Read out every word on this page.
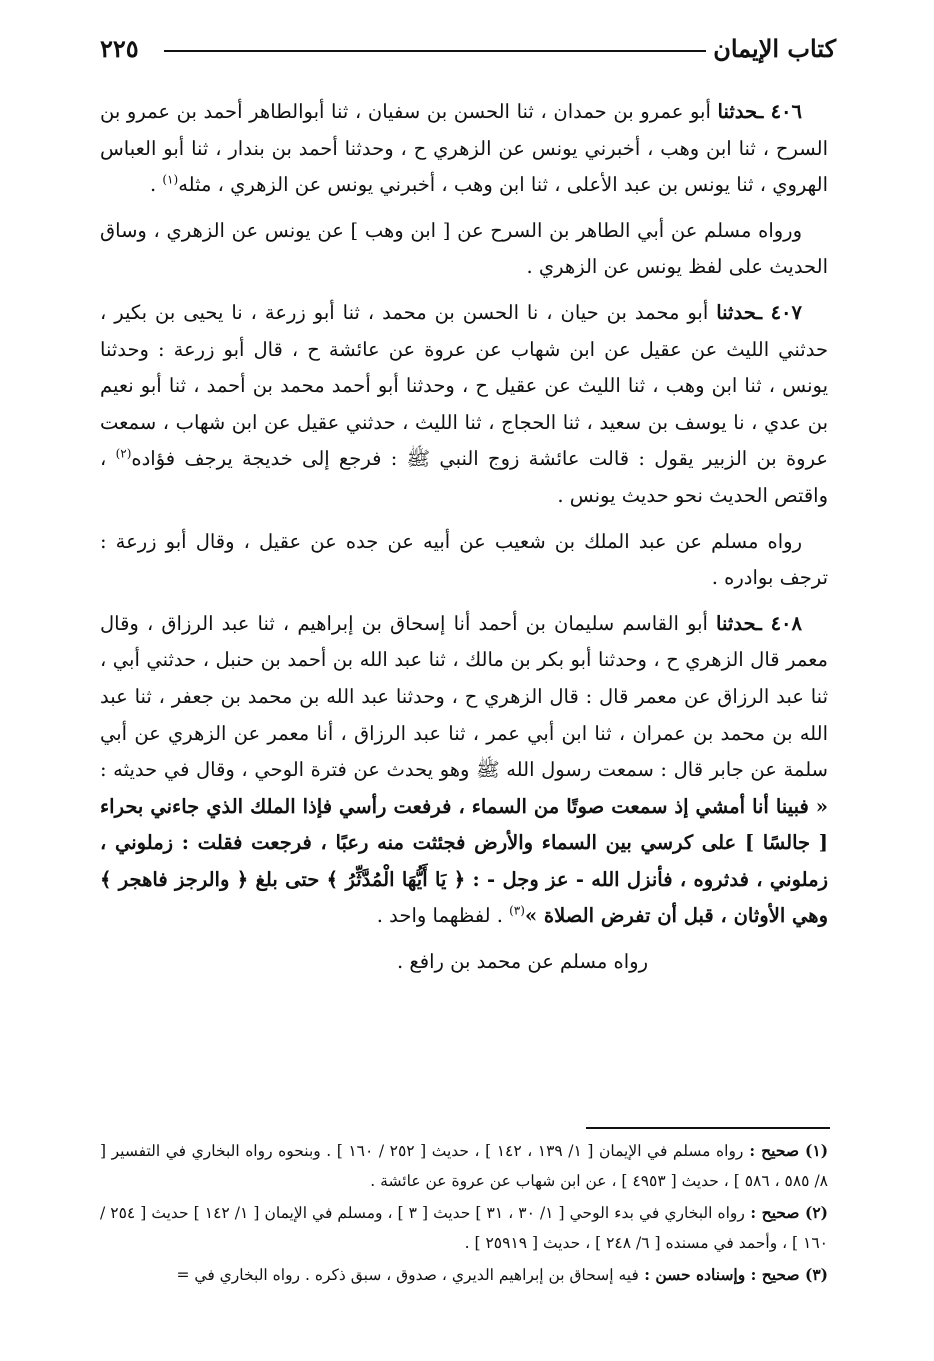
كتاب الإيمان
٢٢٥

٤٠٦ ـحدثنا أبو عمرو بن حمدان ، ثنا الحسن بن سفيان ، ثنا أبوالطاهر أحمد بن عمرو بن السرح ، ثنا ابن وهب ، أخبرني يونس عن الزهري ح ، وحدثنا أحمد بن بندار ، ثنا أبو العباس الهروي ، ثنا يونس بن عبد الأعلى ، ثنا ابن وهب ، أخبرني يونس عن الزهري ، مثله$^{(١)}$ .

ورواه مسلم عن أبي الطاهر بن السرح عن [ ابن وهب ] عن يونس عن الزهري ، وساق الحديث على لفظ يونس عن الزهري .

٤٠٧ ـحدثنا أبو محمد بن حيان ، نا الحسن بن محمد ، ثنا أبو زرعة ، نا يحيى بن بكير ، حدثني الليث عن عقيل عن ابن شهاب عن عروة عن عائشة ح ، قال أبو زرعة : وحدثنا يونس ، ثنا ابن وهب ، ثنا الليث عن عقيل ح ، وحدثنا أبو أحمد محمد بن أحمد ، ثنا أبو نعيم بن عدي ، نا يوسف بن سعيد ، ثنا الحجاج ، ثنا الليث ، حدثني عقيل عن ابن شهاب ، سمعت عروة بن الزبير يقول : قالت عائشة زوج النبي ﷺ : فرجع إلى خديجة يرجف فؤاده$^{(٢)}$ ، واقتص الحديث نحو حديث يونس .

رواه مسلم عن عبد الملك بن شعيب عن أبيه عن جده عن عقيل ، وقال أبو زرعة : ترجف بوادره .

٤٠٨ ـحدثنا أبو القاسم سليمان بن أحمد أنا إسحاق بن إبراهيم ، ثنا عبد الرزاق ، وقال معمر قال الزهري ح ، وحدثنا أبو بكر بن مالك ، ثنا عبد الله بن أحمد بن حنبل ، حدثني أبي ، ثنا عبد الرزاق عن معمر قال : قال الزهري ح ، وحدثنا عبد الله بن محمد بن جعفر ، ثنا عبد الله بن محمد بن عمران ، ثنا ابن أبي عمر ، ثنا عبد الرزاق ، أنا معمر عن الزهري عن أبي سلمة عن جابر قال : سمعت رسول الله ﷺ وهو يحدث عن فترة الوحي ، وقال في حديثه : « فبينا أنا أمشي إذ سمعت صوتًا من السماء ، فرفعت رأسي فإذا الملك الذي جاءني بحراء [ جالسًا ] على كرسي بين السماء والأرض فجئثت منه رعبًا ، فرجعت فقلت : زملوني ، زملوني ، فدثروه ، فأنزل الله - عز وجل - : ﴿ يَا أَيُّهَا الْمُدَّثِّرُ ﴾ حتى بلغ ﴿ والرجز فاهجر ﴾ وهي الأوثان ، قبل أن تفرض الصلاة »$^{(٣)}$ . لفظهما واحد .

رواه مسلم عن محمد بن رافع .

(١) صحيح : رواه مسلم في الإيمان [ ١/ ١٣٩ ، ١٤٢ ] ، حديث [ ٢٥٢ / ١٦٠ ] . وبنحوه رواه البخاري في التفسير [ ٨/ ٥٨٥ ، ٥٨٦ ] ، حديث [ ٤٩٥٣ ] ، عن ابن شهاب عن عروة عن عائشة .

(٢) صحيح : رواه البخاري في بدء الوحي [ ١/ ٣٠ ، ٣١ ] حديث [ ٣ ] ، ومسلم في الإيمان [ ١/ ١٤٢ ] حديث [ ٢٥٤ / ١٦٠ ] ، وأحمد في مسنده [ ٦/ ٢٤٨ ] ، حديث [ ٢٥٩١٩ ] .

(٣) صحيح : وإسناده حسن : فيه إسحاق بن إبراهيم الديري ، صدوق ، سبق ذكره . رواه البخاري في =
